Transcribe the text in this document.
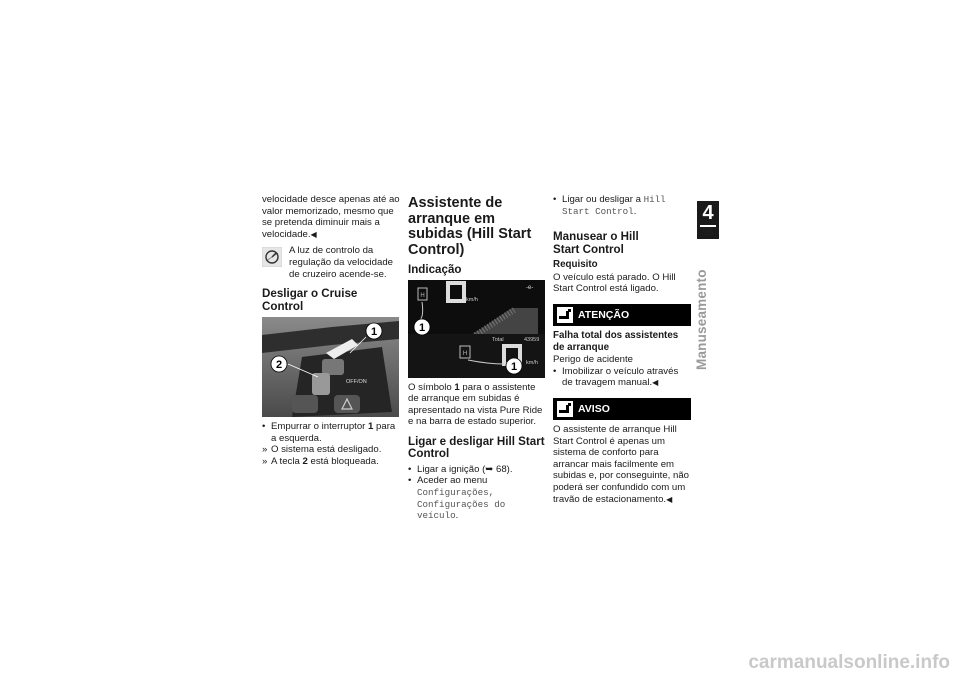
velocidade desce apenas até ao valor memorizado, mesmo que se pretenda diminuir mais a velocidade.◀

A luz de controlo da regulação da velocidade de cruzeiro acende-se.

Desligar o Cruise Control
OFF/ON
1
2
• Empurrar o interruptor 1 para a esquerda.
» O sistema está desligado.
» A tecla 2 está bloqueada.
Assistente de arranque em subidas (Hill Start Control)
Indicação
H
km/h
0
-e-
Total	43959
H
km/h
1
1

O símbolo 1 para o assistente de arranque em subidas é apresentado na vista Pure Ride e na barra de estado superior.

Ligar e desligar Hill Start Control
• Ligar a ignição (➥ 68).
• Aceder ao menu Configurações, Configurações do veículo.
• Ligar ou desligar a Hill Start Control.
Manusear o Hill Start Control
Requisito

O veículo está parado. O Hill Start Control está ligado.

ATENÇÃO
Falha total dos assistentes de arranque

Perigo de acidente

• Imobilizar o veículo através de travagem manual.◀
AVISO

O assistente de arranque Hill Start Control é apenas um sistema de conforto para arrancar mais facilmente em subidas e, por conseguinte, não poderá ser confundido com um travão de estacionamento.◀

4
95
Manuseamento
carmanualsonline.info
